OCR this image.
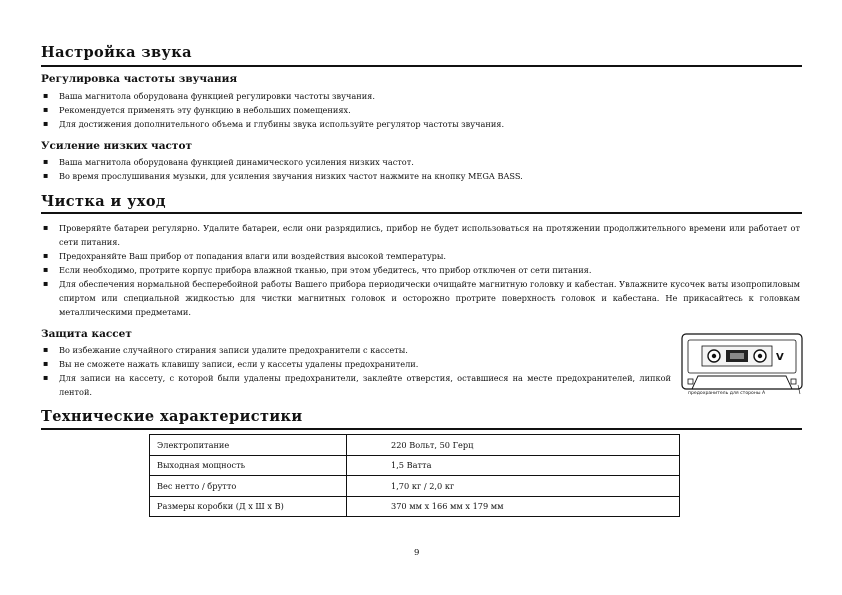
Настройка звука
Регулировка частоты звучания
▪ Ваша магнитола оборудована функцией регулировки частоты звучания.
▪ Рекомендуется применять эту функцию в небольших помещениях.
▪ Для достижения дополнительного объема и глубины звука используйте регулятор частоты звучания.
Усиление низких частот
▪ Ваша магнитола оборудована функцией динамического усиления низких частот.
▪ Во время прослушивания музыки, для усиления звучания низких частот нажмите на кнопку MEGA BASS.
Чистка и уход
▪ Проверяйте батареи регулярно. Удалите батареи, если они разрядились, прибор не будет использоваться на протяжении продолжительного времени или работает от сети питания.
▪ Предохраняйте Ваш прибор от попадания влаги или воздействия высокой температуры.
▪ Если необходимо, протрите корпус прибора влажной тканью, при этом убедитесь, что прибор отключен от сети питания.
▪ Для обеспечения нормальной бесперебойной работы Вашего прибора периодически очищайте магнитную головку и кабестан. Увлажните кусочек ваты изопропиловым спиртом или специальной жидкостью для чистки магнитных головок и осторожно протрите поверхность головок и кабестана. Не прикасайтесь к головкам металлическими предметами.
Защита кассет
▪ Во избежание случайного стирания записи удалите предохранители с кассеты.
▪ Вы не сможете нажать клавишу записи, если у кассеты удалены предохранители.
▪ Для записи на кассету, с которой были удалены предохранители, заклейте отверстия, оставшиеся на месте предохранителей, липкой лентой.
V
предохранитель для стороны А
Технические характеристики
Электропитание	220 Вольт, 50 Герц
Выходная мощность	1,5 Ватта
Вес нетто / брутто	1,70 кг / 2,0 кг
Размеры коробки (Д х Ш х В)	370 мм x 166 мм x 179 мм
9
